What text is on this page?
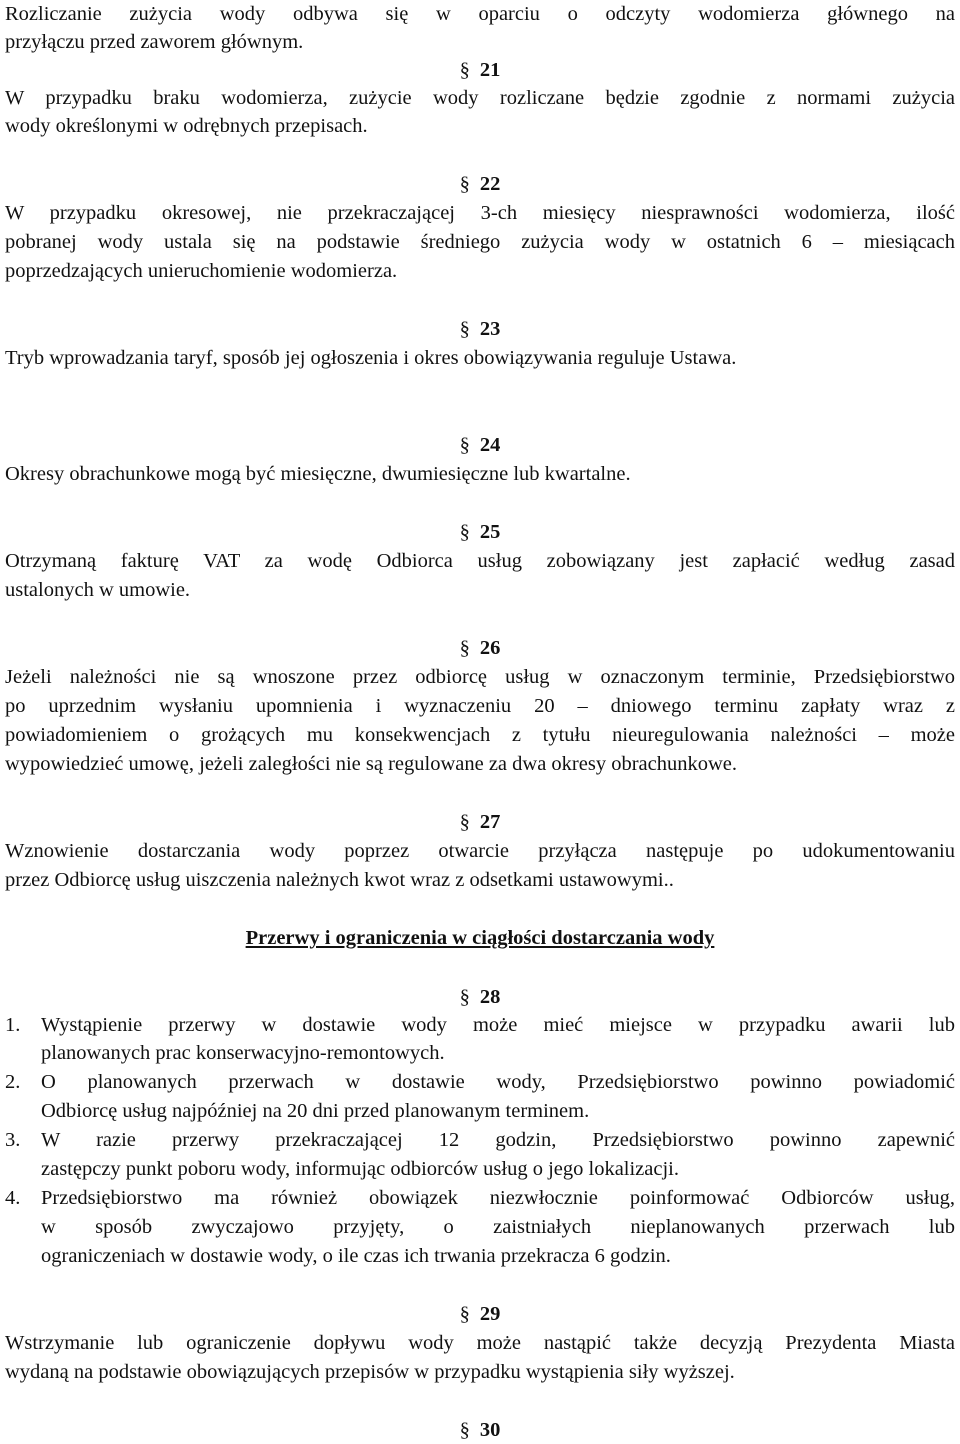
Rozliczanie zużycia wody odbywa się w oparciu o odczyty wodomierza głównego na
przyłączu przed zaworem głównym.
§ 21
W przypadku braku wodomierza, zużycie wody rozliczane będzie zgodnie z normami zużycia
wody określonymi w odrębnych przepisach.
§ 22
W przypadku okresowej, nie przekraczającej 3-ch miesięcy niesprawności wodomierza, ilość
pobranej wody ustala się na podstawie średniego zużycia wody w ostatnich 6 – miesiącach
poprzedzających unieruchomienie wodomierza.
§ 23
Tryb wprowadzania taryf, sposób jej ogłoszenia i okres obowiązywania reguluje Ustawa.
§ 24
Okresy obrachunkowe mogą być miesięczne, dwumiesięczne lub kwartalne.
§ 25
Otrzymaną fakturę VAT za wodę Odbiorca usług zobowiązany jest zapłacić według zasad
ustalonych w umowie.
§ 26
Jeżeli należności nie są wnoszone przez odbiorcę usług w oznaczonym terminie, Przedsiębiorstwo
po uprzednim wysłaniu upomnienia i wyznaczeniu 20 – dniowego terminu zapłaty wraz z
powiadomieniem o grożących mu konsekwencjach z tytułu nieuregulowania należności – może
wypowiedzieć umowę, jeżeli zaległości nie są regulowane za dwa okresy obrachunkowe.
§ 27
Wznowienie dostarczania wody poprzez otwarcie przyłącza następuje po udokumentowaniu
przez Odbiorcę usług uiszczenia należnych kwot wraz z odsetkami ustawowymi..
Przerwy i ograniczenia w ciągłości dostarczania wody
§ 28
1. Wystąpienie przerwy w dostawie wody może mieć miejsce w przypadku awarii lub
planowanych prac konserwacyjno-remontowych.
2. O planowanych przerwach w dostawie wody, Przedsiębiorstwo powinno powiadomić
Odbiorcę usług najpóźniej na 20 dni przed planowanym terminem.
3. W razie przerwy przekraczającej 12 godzin, Przedsiębiorstwo powinno zapewnić
zastępczy punkt poboru wody, informując odbiorców usług o jego lokalizacji.
4. Przedsiębiorstwo ma również obowiązek niezwłocznie poinformować Odbiorców usług,
w sposób zwyczajowo przyjęty, o zaistniałych nieplanowanych przerwach lub
ograniczeniach w dostawie wody, o ile czas ich trwania przekracza 6 godzin.
§ 29
Wstrzymanie lub ograniczenie dopływu wody może nastąpić także decyzją Prezydenta Miasta
wydaną na podstawie obowiązujących przepisów w przypadku wystąpienia siły wyższej.
§ 30
